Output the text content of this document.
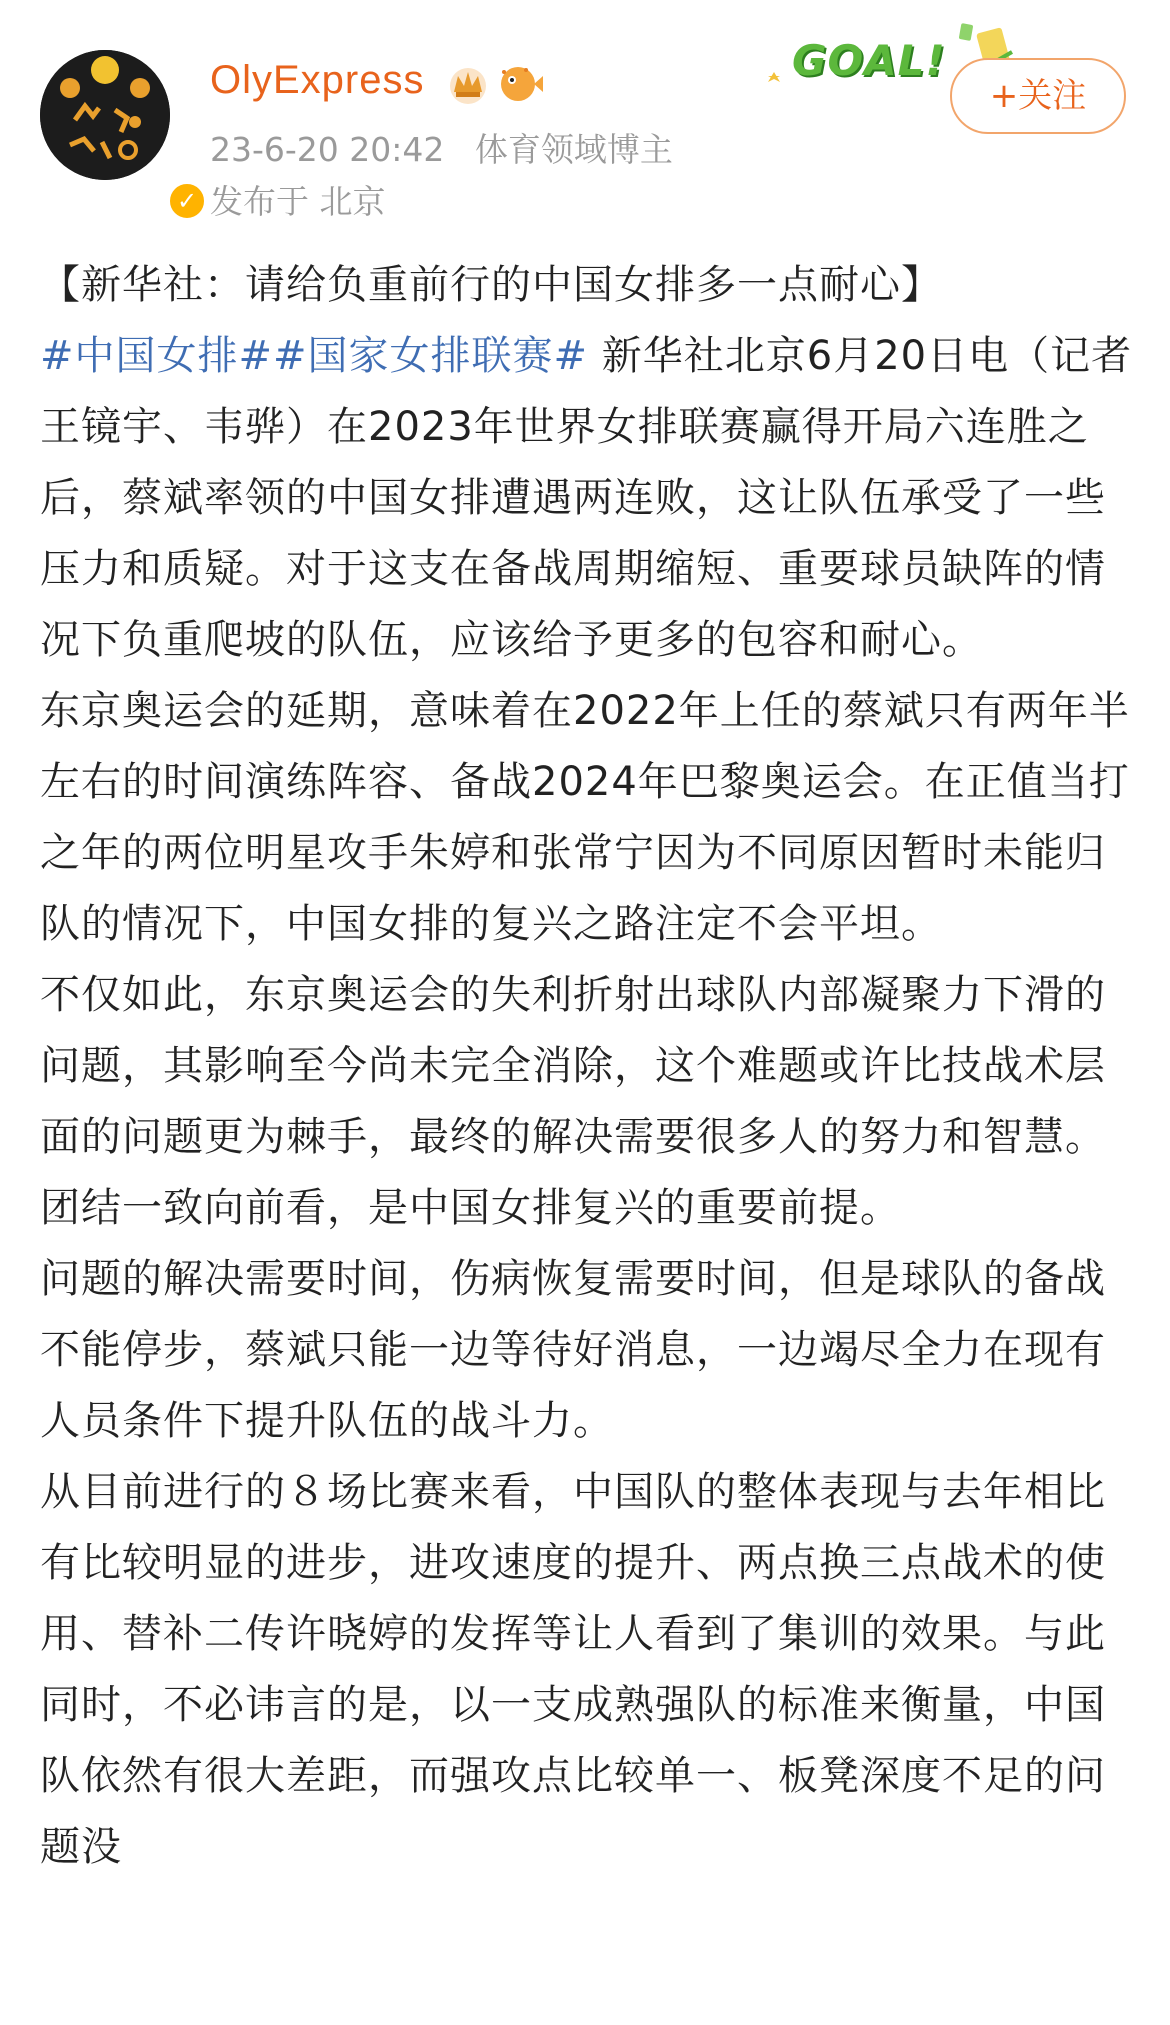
✓
OlyExpress
23-6-20 20:42 体育领域博主
发布于 北京
GOAL!
+关注

【新华社：请给负重前行的中国女排多一点耐心】
#中国女排##国家女排联赛# 新华社北京6月20日电（记者王镜宇、韦骅）在2023年世界女排联赛赢得开局六连胜之后，蔡斌率领的中国女排遭遇两连败，这让队伍承受了一些压力和质疑。对于这支在备战周期缩短、重要球员缺阵的情况下负重爬坡的队伍，应该给予更多的包容和耐心。

东京奥运会的延期，意味着在2022年上任的蔡斌只有两年半左右的时间演练阵容、备战2024年巴黎奥运会。在正值当打之年的两位明星攻手朱婷和张常宁因为不同原因暂时未能归队的情况下，中国女排的复兴之路注定不会平坦。

不仅如此，东京奥运会的失利折射出球队内部凝聚力下滑的问题，其影响至今尚未完全消除，这个难题或许比技战术层面的问题更为棘手，最终的解决需要很多人的努力和智慧。团结一致向前看，是中国女排复兴的重要前提。

问题的解决需要时间，伤病恢复需要时间，但是球队的备战不能停步，蔡斌只能一边等待好消息，一边竭尽全力在现有人员条件下提升队伍的战斗力。

从目前进行的８场比赛来看，中国队的整体表现与去年相比有比较明显的进步，进攻速度的提升、两点换三点战术的使用、替补二传许晓婷的发挥等让人看到了集训的效果。与此同时，不必讳言的是，以一支成熟强队的标准来衡量，中国队依然有很大差距，而强攻点比较单一、板凳深度不足的问题没
